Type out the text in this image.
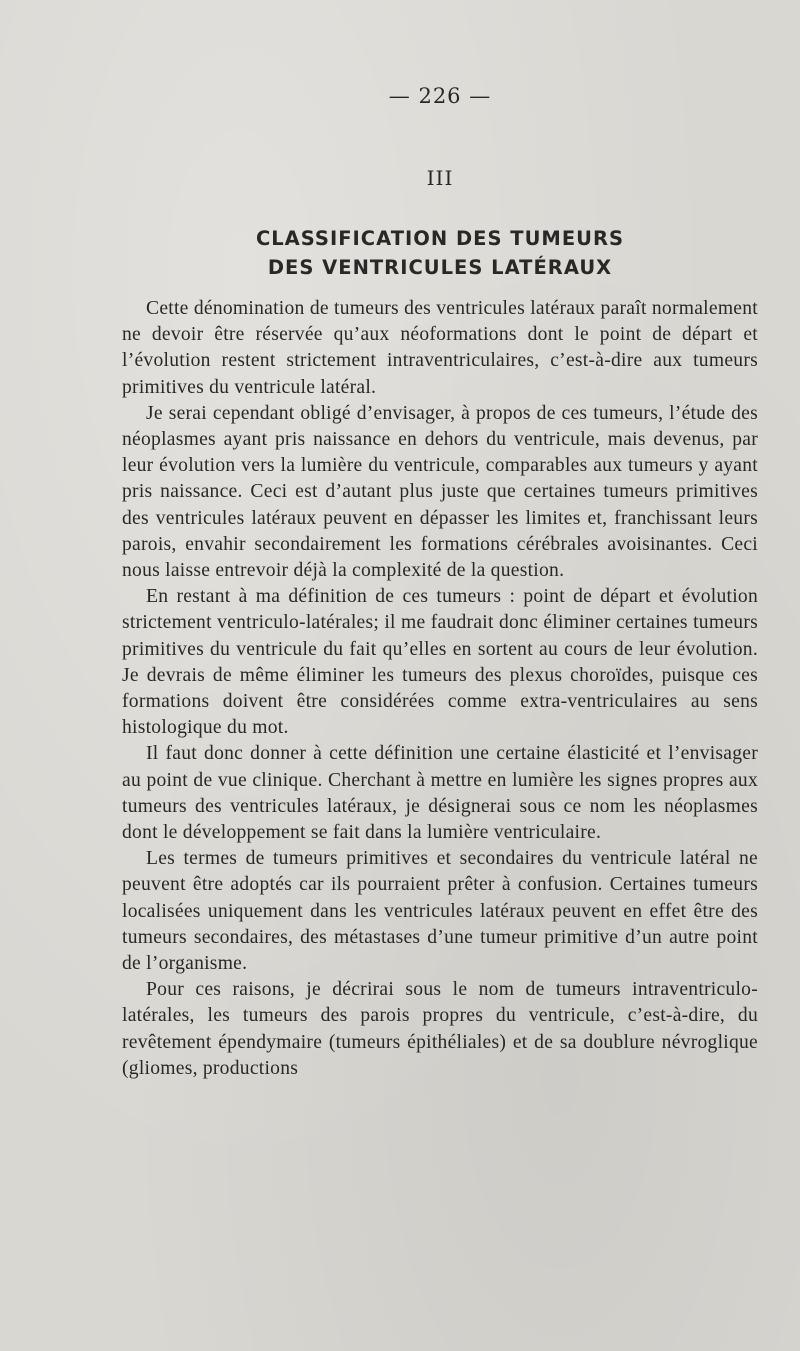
— 226 —
III
CLASSIFICATION DES TUMEURS
DES VENTRICULES LATÉRAUX

Cette dénomination de tumeurs des ventricules latéraux paraît normalement ne devoir être réservée qu’aux néoformations dont le point de départ et l’évolution restent strictement intraventriculaires, c’est-à-dire aux tumeurs primitives du ventricule latéral.

Je serai cependant obligé d’envisager, à propos de ces tumeurs, l’étude des néoplasmes ayant pris naissance en dehors du ventricule, mais devenus, par leur évolution vers la lumière du ventricule, comparables aux tumeurs y ayant pris naissance. Ceci est d’autant plus juste que certaines tumeurs primitives des ventricules latéraux peuvent en dépasser les limites et, franchissant leurs parois, envahir secondairement les formations cérébrales avoisinantes. Ceci nous laisse entrevoir déjà la complexité de la question.

En restant à ma définition de ces tumeurs : point de départ et évolution strictement ventriculo-latérales; il me faudrait donc éliminer certaines tumeurs primitives du ventricule du fait qu’elles en sortent au cours de leur évolution. Je devrais de même éliminer les tumeurs des plexus choroïdes, puisque ces formations doivent être considérées comme extra-ventriculaires au sens histologique du mot.

Il faut donc donner à cette définition une certaine élasticité et l’envisager au point de vue clinique. Cherchant à mettre en lumière les signes propres aux tumeurs des ventricules latéraux, je désignerai sous ce nom les néoplasmes dont le développement se fait dans la lumière ventriculaire.

Les termes de tumeurs primitives et secondaires du ventricule latéral ne peuvent être adoptés car ils pourraient prêter à confusion. Certaines tumeurs localisées uniquement dans les ventricules latéraux peuvent en effet être des tumeurs secondaires, des métastases d’une tumeur primitive d’un autre point de l’organisme.

Pour ces raisons, je décrirai sous le nom de tumeurs intraventriculo-latérales, les tumeurs des parois propres du ventricule, c’est-à-dire, du revêtement épendymaire (tumeurs épithéliales) et de sa doublure névroglique (gliomes, productions
